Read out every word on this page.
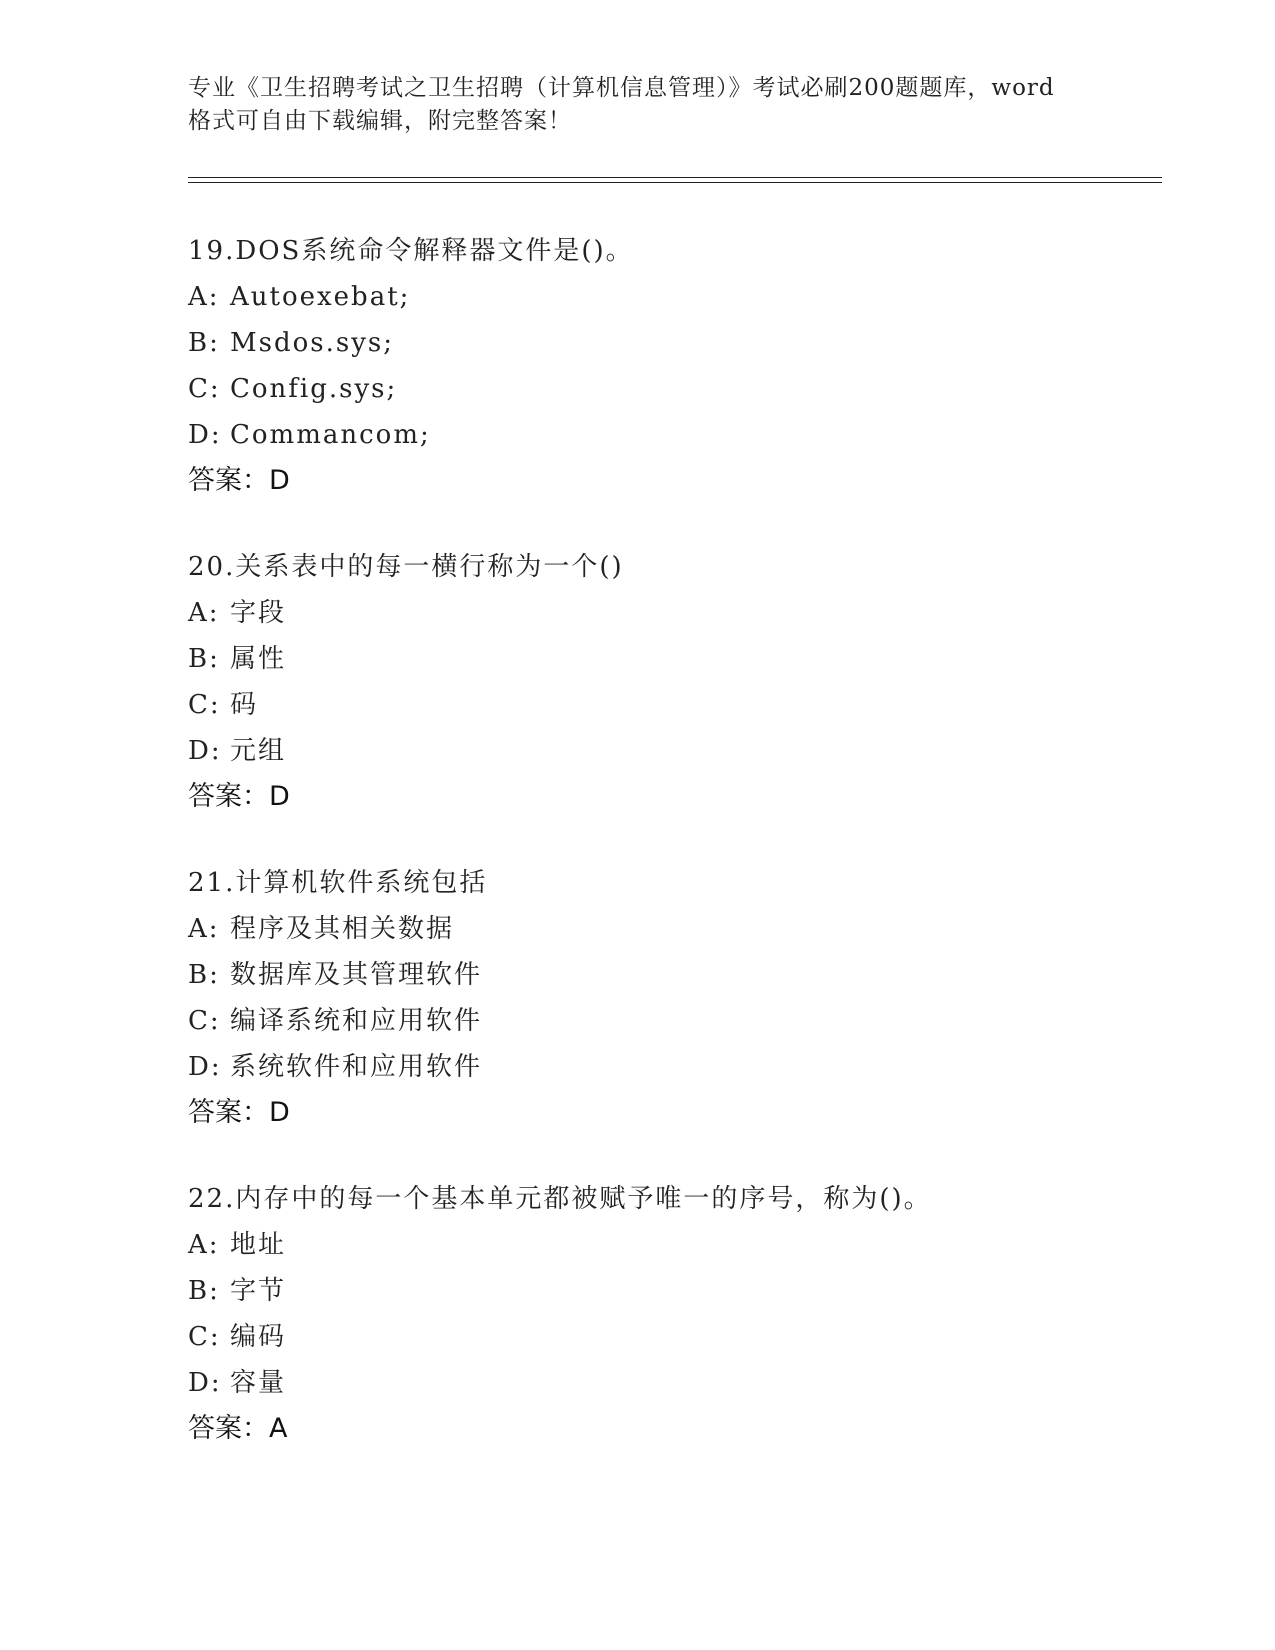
专业《卫生招聘考试之卫生招聘（计算机信息管理）》考试必刷200题题库，word
格式可自由下载编辑，附完整答案！
19.DOS系统命令解释器文件是()。
A: Autoexebat;
B: Msdos.sys;
C: Config.sys;
D: Commancom;
答案：D
20.关系表中的每一横行称为一个()
A: 字段
B: 属性
C: 码
D: 元组
答案：D
21.计算机软件系统包括
A: 程序及其相关数据
B: 数据库及其管理软件
C: 编译系统和应用软件
D: 系统软件和应用软件
答案：D
22.内存中的每一个基本单元都被赋予唯一的序号，称为()。
A: 地址
B: 字节
C: 编码
D: 容量
答案：A
